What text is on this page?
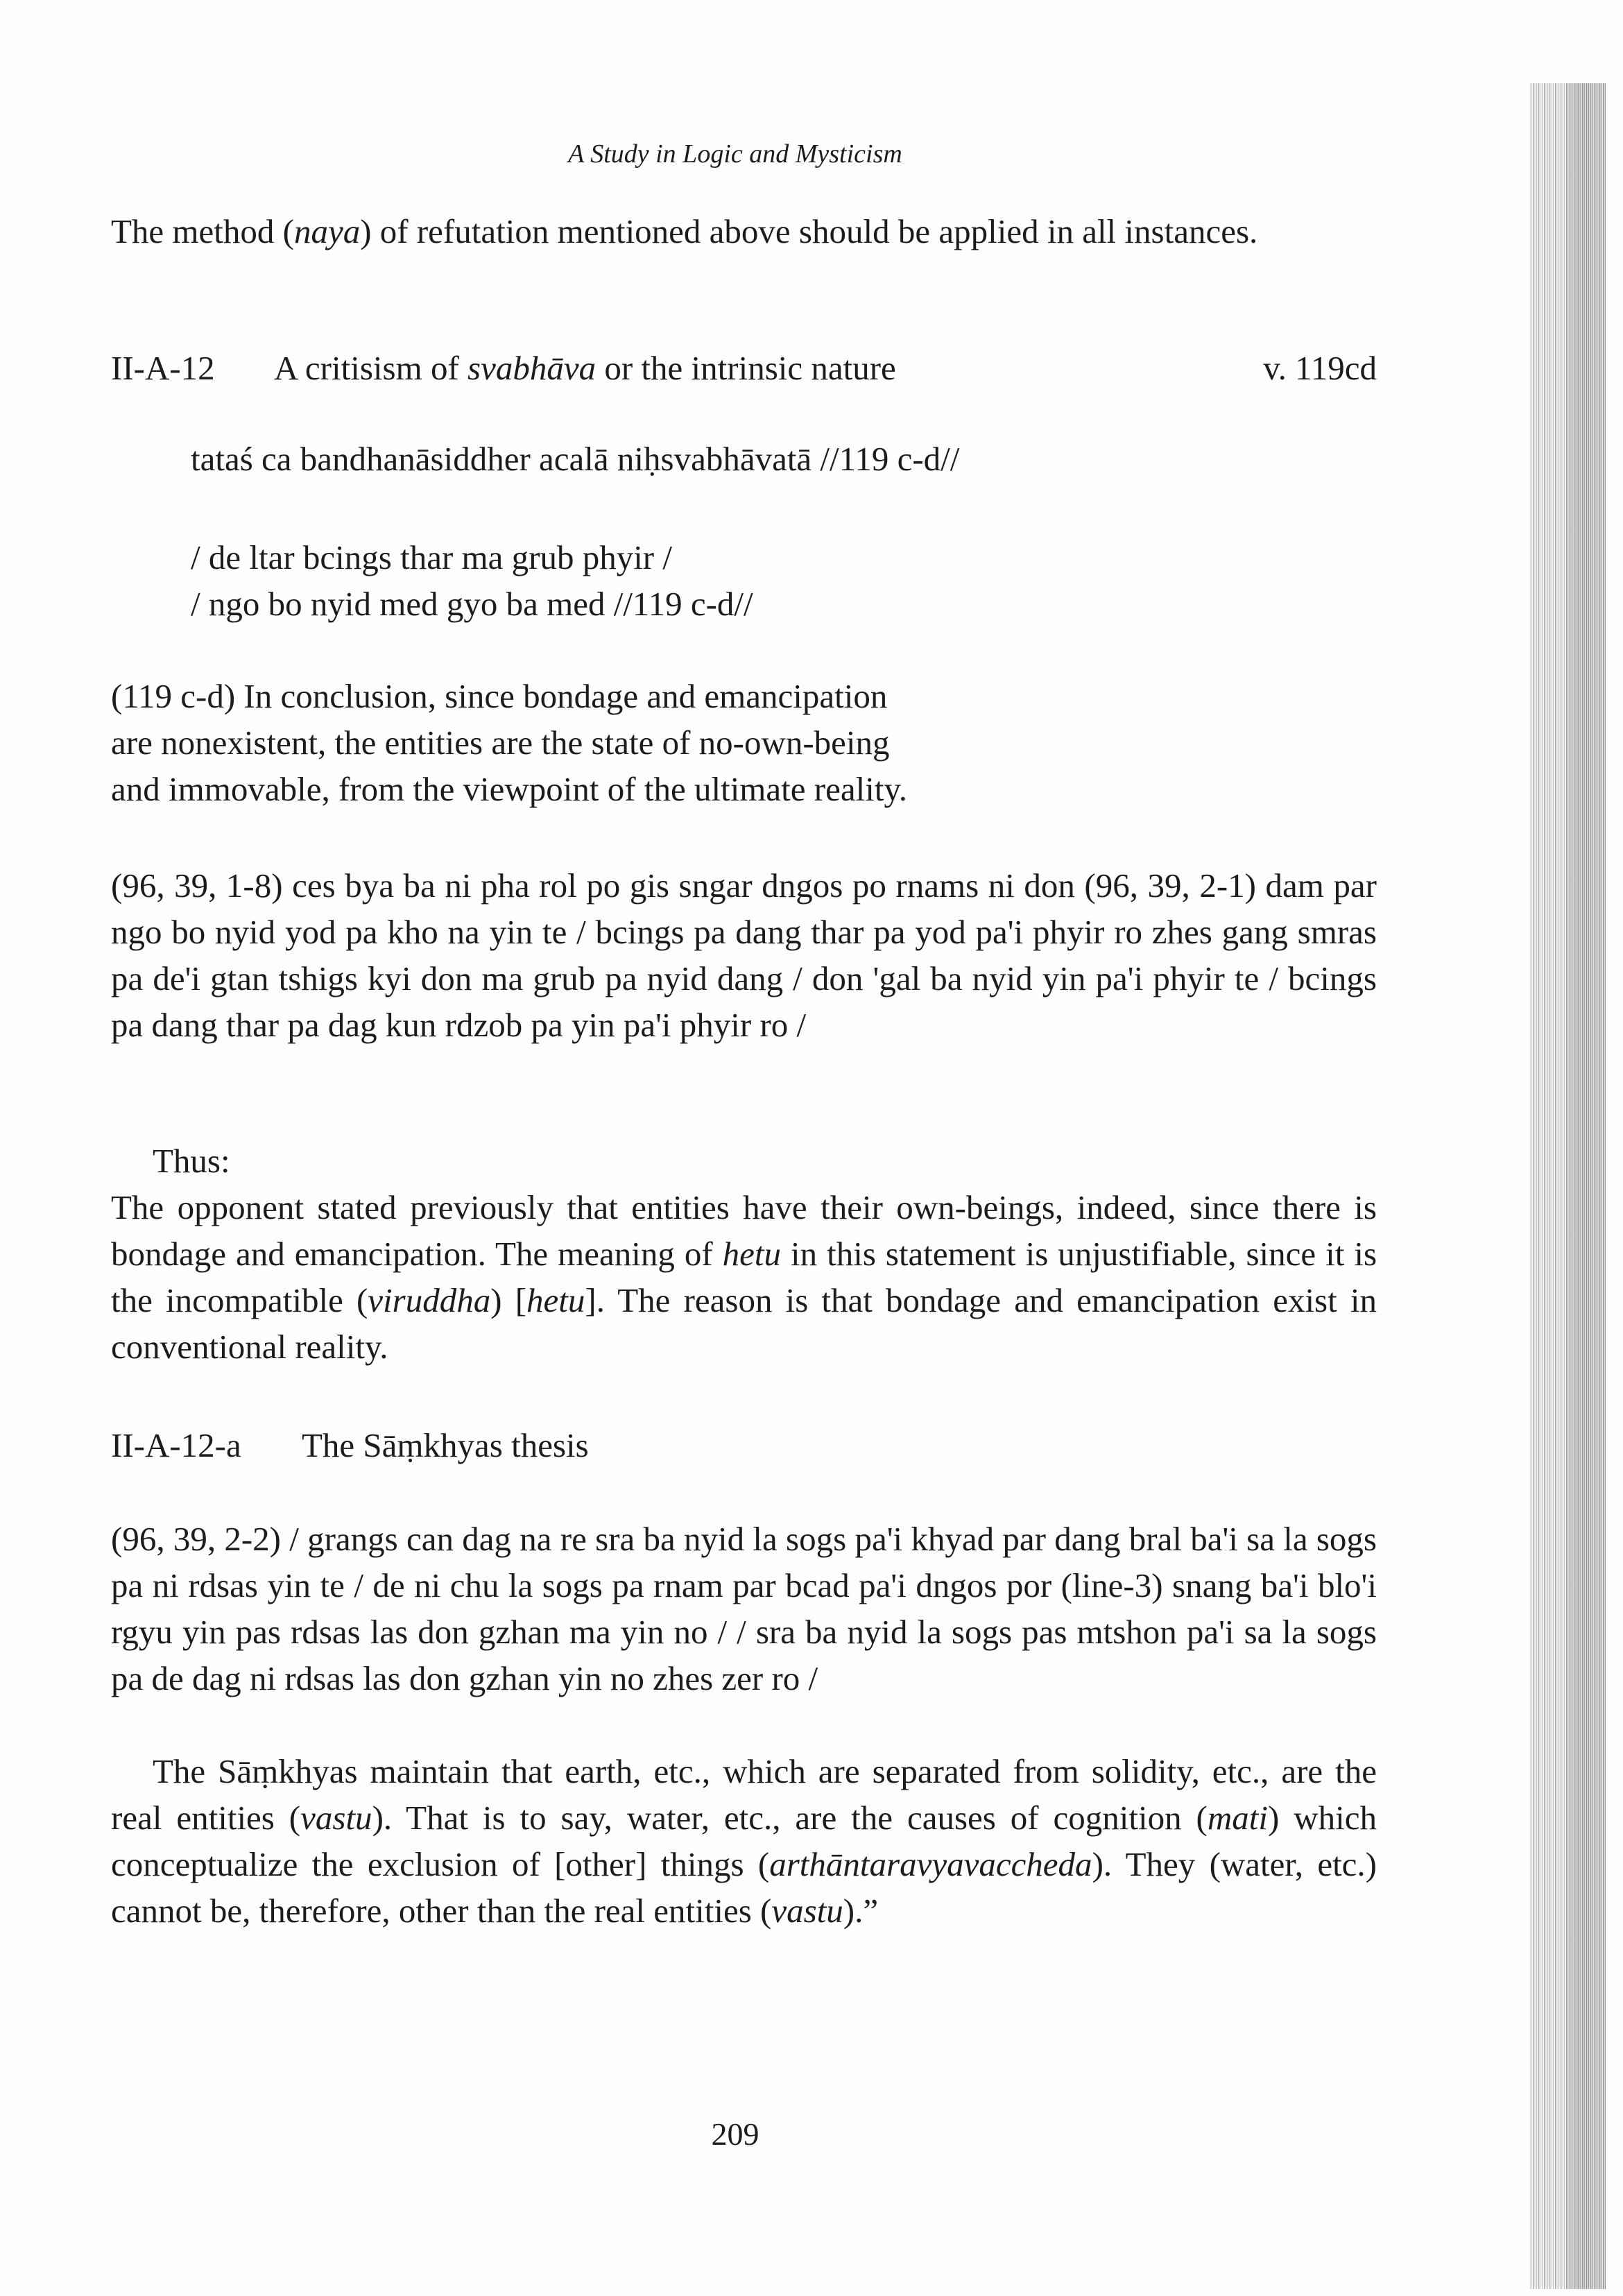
A Study in Logic and Mysticism

The method (naya) of refutation mentioned above should be applied in all instances.

II-A-12 A critisism of svabhāva or the intrinsic nature	v. 119cd
tataś ca bandhanāsiddher acalā niḥsvabhāvatā //119 c-d//
/ de ltar bcings thar ma grub phyir /
/ ngo bo nyid med gyo ba med //119 c-d//
(119 c-d) In conclusion, since bondage and emancipation
are nonexistent, the entities are the state of no-own-being
and immovable, from the viewpoint of the ultimate reality.

(96, 39, 1-8) ces bya ba ni pha rol po gis sngar dngos po rnams ni don (96, 39, 2-1) dam par ngo bo nyid yod pa kho na yin te / bcings pa dang thar pa yod pa'i phyir ro zhes gang smras pa de'i gtan tshigs kyi don ma grub pa nyid dang / don 'gal ba nyid yin pa'i phyir te / bcings pa dang thar pa dag kun rdzob pa yin pa'i phyir ro /

Thus:

The opponent stated previously that entities have their own-beings, indeed, since there is bondage and emancipation. The meaning of hetu in this statement is unjustifiable, since it is the incompatible (viruddha) [hetu]. The reason is that bondage and emancipation exist in conventional reality.

II-A-12-a The Sāṃkhyas thesis

(96, 39, 2-2) / grangs can dag na re sra ba nyid la sogs pa'i khyad par dang bral ba'i sa la sogs pa ni rdsas yin te / de ni chu la sogs pa rnam par bcad pa'i dngos por (line-3) snang ba'i blo'i rgyu yin pas rdsas las don gzhan ma yin no / / sra ba nyid la sogs pas mtshon pa'i sa la sogs pa de dag ni rdsas las don gzhan yin no zhes zer ro /

The Sāṃkhyas maintain that earth, etc., which are separated from solidity, etc., are the real entities (vastu). That is to say, water, etc., are the causes of cognition (mati) which conceptualize the exclusion of [other] things (arthāntaravyavaccheda). They (water, etc.) cannot be, therefore, other than the real entities (vastu).”

209
